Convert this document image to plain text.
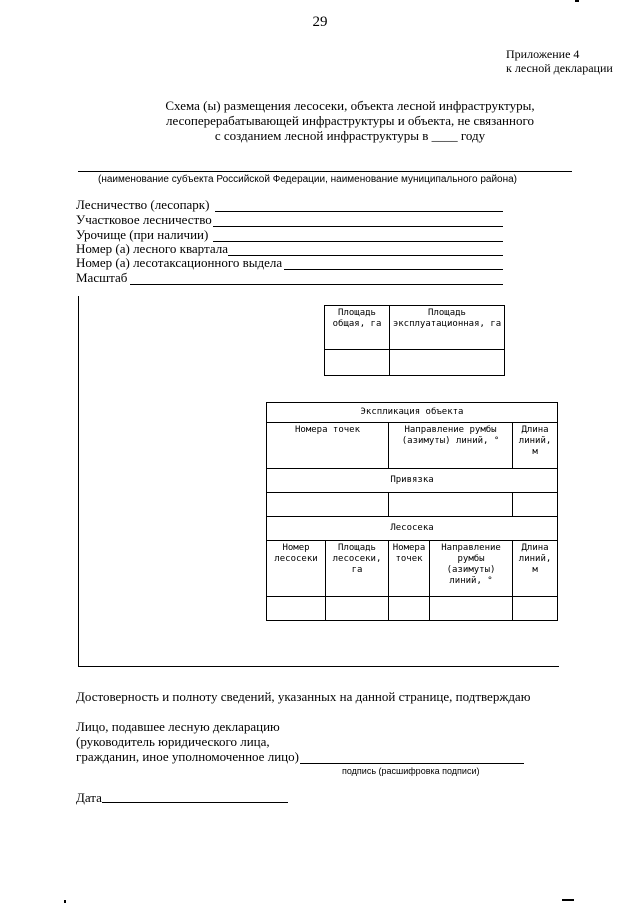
29
Приложение 4
к лесной декларации
Схема (ы) размещения лесосеки, объекта лесной инфраструктуры,
лесоперерабатывающей инфраструктуры и объекта, не связанного
с созданием лесной инфраструктуры в ____ году
(наименование субъекта Российской Федерации, наименование муниципального района)
Лесничество (лесопарк)
Участковое лесничество
Урочище (при наличии)
Номер (а) лесного квартала
Номер (а) лесотаксационного выдела
Масштаб
Площадь общая, га	Площадь эксплуатационная, га

Экспликация объекта				
Номера точек		Направление румбы (азимуты) линий, °		Длина линий, м
Привязка				

Лесосека				
Номер лесосеки	Площадь лесосеки, га	Номера точек	Направление румбы (азимуты) линий, °	Длина линий, м

Достоверность и полноту сведений, указанных на данной странице, подтверждаю
Лицо, подавшее лесную декларацию
(руководитель юридического лица,
гражданин, иное уполномоченное лицо)
подпись (расшифровка подписи)
Дата
